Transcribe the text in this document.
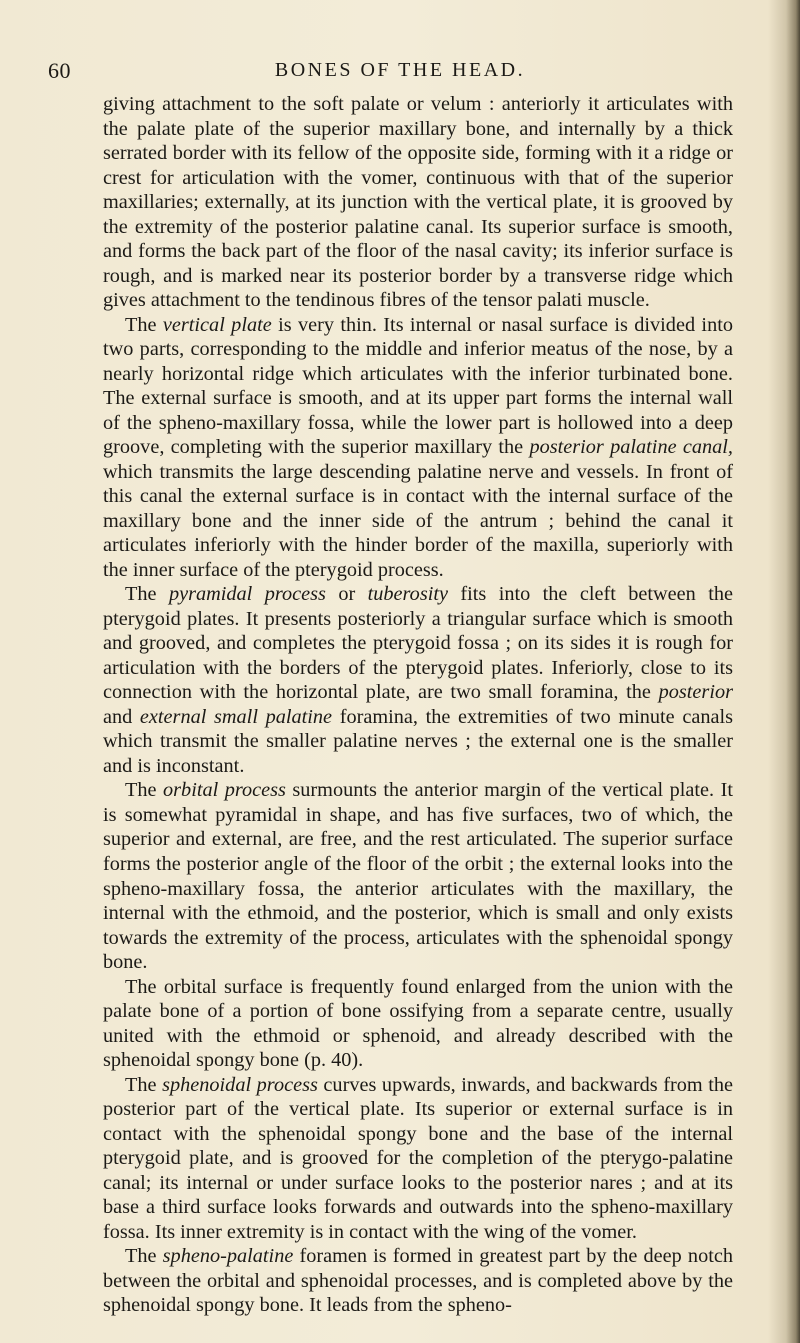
60	BONES OF THE HEAD.

giving attachment to the soft palate or velum : anteriorly it articulates with the palate plate of the superior maxillary bone, and internally by a thick serrated border with its fellow of the opposite side, forming with it a ridge or crest for articulation with the vomer, continuous with that of the superior maxillaries; externally, at its junction with the vertical plate, it is grooved by the extremity of the posterior palatine canal. Its superior surface is smooth, and forms the back part of the floor of the nasal cavity; its inferior surface is rough, and is marked near its posterior border by a transverse ridge which gives attachment to the tendinous fibres of the tensor palati muscle.

The vertical plate is very thin. Its internal or nasal surface is divided into two parts, corresponding to the middle and inferior meatus of the nose, by a nearly horizontal ridge which articulates with the inferior turbinated bone. The external surface is smooth, and at its upper part forms the internal wall of the spheno-maxillary fossa, while the lower part is hollowed into a deep groove, completing with the superior maxillary the posterior palatine canal, which transmits the large descending palatine nerve and vessels. In front of this canal the external surface is in contact with the internal surface of the maxillary bone and the inner side of the antrum ; behind the canal it articulates inferiorly with the hinder border of the maxilla, superiorly with the inner surface of the pterygoid process.

The pyramidal process or tuberosity fits into the cleft between the pterygoid plates. It presents posteriorly a triangular surface which is smooth and grooved, and completes the pterygoid fossa ; on its sides it is rough for articulation with the borders of the pterygoid plates. Inferiorly, close to its connection with the horizontal plate, are two small foramina, the posterior and external small palatine foramina, the extremities of two minute canals which transmit the smaller palatine nerves ; the external one is the smaller and is inconstant.

The orbital process surmounts the anterior margin of the vertical plate. It is somewhat pyramidal in shape, and has five surfaces, two of which, the superior and external, are free, and the rest articulated. The superior surface forms the posterior angle of the floor of the orbit ; the external looks into the spheno-maxillary fossa, the anterior articulates with the maxillary, the internal with the ethmoid, and the posterior, which is small and only exists towards the extremity of the process, articulates with the sphenoidal spongy bone.

The orbital surface is frequently found enlarged from the union with the palate bone of a portion of bone ossifying from a separate centre, usually united with the ethmoid or sphenoid, and already described with the sphenoidal spongy bone (p. 40).

The sphenoidal process curves upwards, inwards, and backwards from the posterior part of the vertical plate. Its superior or external surface is in contact with the sphenoidal spongy bone and the base of the internal pterygoid plate, and is grooved for the completion of the pterygo-palatine canal; its internal or under surface looks to the posterior nares ; and at its base a third surface looks forwards and outwards into the spheno-maxillary fossa. Its inner extremity is in contact with the wing of the vomer.

The spheno-palatine foramen is formed in greatest part by the deep notch between the orbital and sphenoidal processes, and is completed above by the sphenoidal spongy bone. It leads from the spheno-
